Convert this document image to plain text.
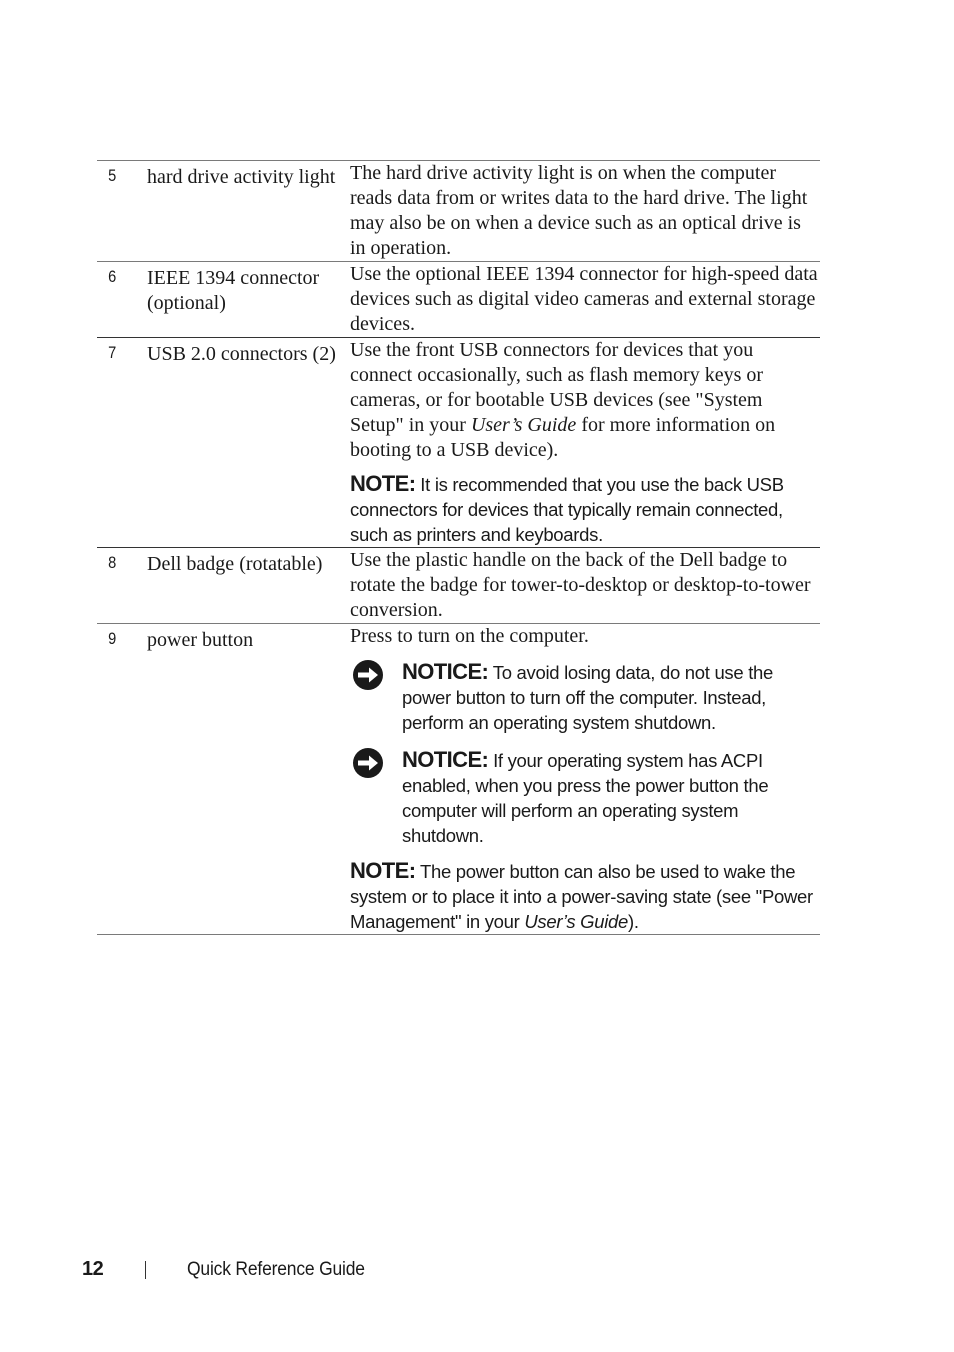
5	hard drive activity light	The hard drive activity light is on when the computer reads data from or writes data to the hard drive. The light may also be on when a device such as an optical drive is in operation.

6	IEEE 1394 connector (optional)	Use the optional IEEE 1394 connector for high-speed data devices such as digital video cameras and external storage devices.

7	USB 2.0 connectors (2)	Use the front USB connectors for devices that you connect occasionally, such as flash memory keys or cameras, or for bootable USB devices (see "System Setup" in your User’s Guide for more information on booting to a USB device).

NOTE: It is recommended that you use the back USB connectors for devices that typically remain connected, such as printers and keyboards.

8	Dell badge (rotatable)	Use the plastic handle on the back of the Dell badge to rotate the badge for tower-to-desktop or desktop-to-tower conversion.

9	power button	Press to turn on the computer.

NOTICE: To avoid losing data, do not use the power button to turn off the computer. Instead, perform an operating system shutdown.

NOTICE: If your operating system has ACPI enabled, when you press the power button the computer will perform an operating system shutdown.

NOTE: The power button can also be used to wake the system or to place it into a power-saving state (see "Power Management" in your User’s Guide).

12	Quick Reference Guide
